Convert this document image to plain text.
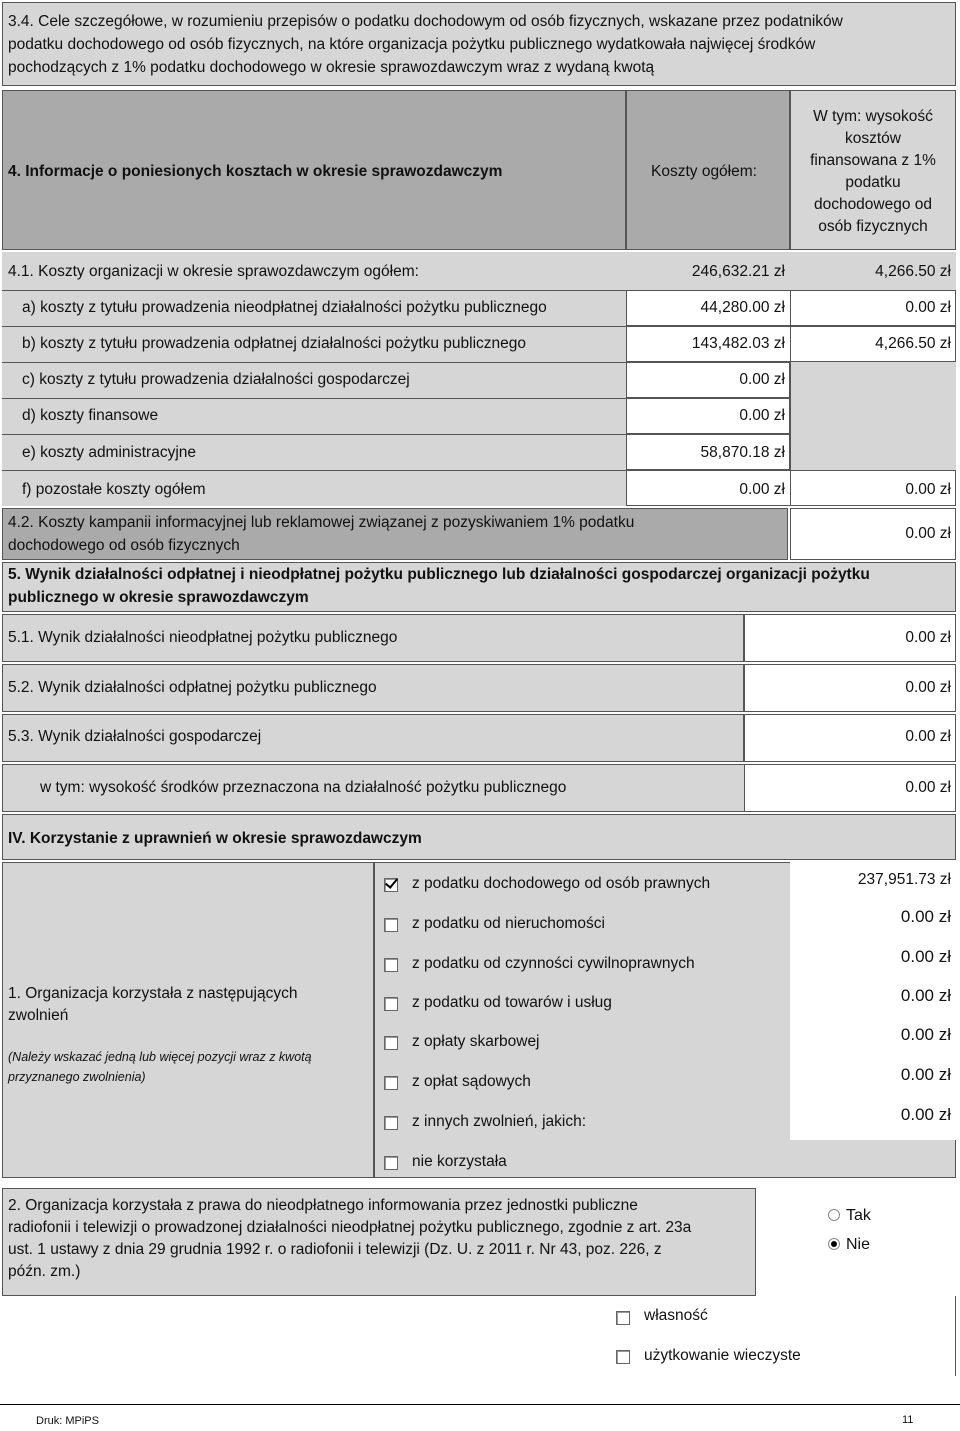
3.4. Cele szczegółowe, w rozumieniu przepisów o podatku dochodowym od osób fizycznych, wskazane przez podatników
podatku dochodowego od osób fizycznych, na które organizacja pożytku publicznego wydatkowała najwięcej środków
pochodzących z 1% podatku dochodowego w okresie sprawozdawczym wraz z wydaną kwotą
4. Informacje o poniesionych kosztach w okresie sprawozdawczym	Koszty ogółem:
W tym: wysokość
kosztów
finansowana z 1%
podatku
dochodowego od
osób fizycznych
4.1. Koszty organizacji w okresie sprawozdawczym ogółem:	246,632.21 zł	4,266.50 zł
a) koszty z tytułu prowadzenia nieodpłatnej działalności pożytku publicznego	44,280.00 zł	0.00 zł
b) koszty z tytułu prowadzenia odpłatnej działalności pożytku publicznego	143,482.03 zł	4,266.50 zł
c) koszty z tytułu prowadzenia działalności gospodarczej	0.00 zł
d) koszty finansowe	0.00 zł
e) koszty administracyjne	58,870.18 zł
f) pozostałe koszty ogółem	0.00 zł	0.00 zł
4.2. Koszty kampanii informacyjnej lub reklamowej związanej z pozyskiwaniem 1% podatku
dochodowego od osób fizycznych
0.00 zł
5. Wynik działalności odpłatnej i nieodpłatnej pożytku publicznego lub działalności gospodarczej organizacji pożytku
publicznego w okresie sprawozdawczym
5.1. Wynik działalności nieodpłatnej pożytku publicznego	0.00 zł
5.2. Wynik działalności odpłatnej pożytku publicznego	0.00 zł
5.3. Wynik działalności gospodarczej	0.00 zł
w tym: wysokość środków przeznaczona na działalność pożytku publicznego	0.00 zł
IV. Korzystanie z uprawnień w okresie sprawozdawczym
1. Organizacja korzystała z następujących
zwolnień
(Należy wskazać jedną lub więcej pozycji wraz z kwotą
przyznanego zwolnienia)
z podatku dochodowego od osób prawnych	237,951.73 zł
z podatku od nieruchomości	0.00 zł
z podatku od czynności cywilnoprawnych	0.00 zł
z podatku od towarów i usług	0.00 zł
z opłaty skarbowej	0.00 zł
z opłat sądowych	0.00 zł
z innych zwolnień, jakich:	0.00 zł
nie korzystała
2. Organizacja korzystała z prawa do nieodpłatnego informowania przez jednostki publiczne
radiofonii i telewizji o prowadzonej działalności nieodpłatnej pożytku publicznego, zgodnie z art. 23a
ust. 1 ustawy z dnia 29 grudnia 1992 r. o radiofonii i telewizji (Dz. U. z 2011 r. Nr 43, poz. 226, z
późn. zm.)
Tak
Nie
własność
użytkowanie wieczyste
Druk: MPiPS	11
